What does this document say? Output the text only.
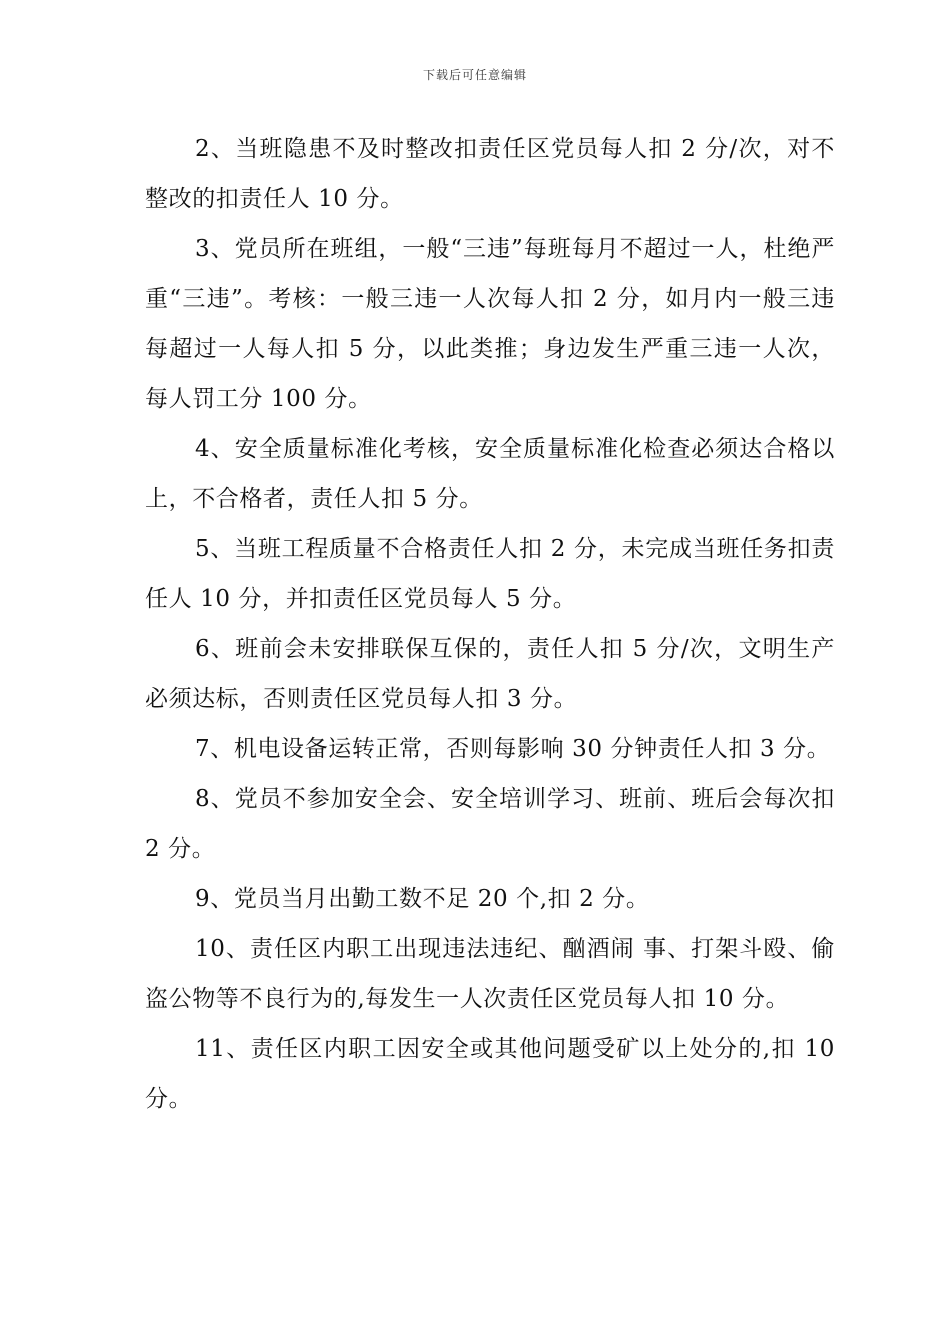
下载后可任意编辑

2、当班隐患不及时整改扣责任区党员每人扣 2 分/次，对不整改的扣责任人 10 分。

3、党员所在班组，一般“三违”每班每月不超过一人，杜绝严重“三违”。考核：一般三违一人次每人扣 2 分，如月内一般三违每超过一人每人扣 5 分，以此类推；身边发生严重三违一人次，每人罚工分 100 分。

4、安全质量标准化考核，安全质量标准化检查必须达合格以上，不合格者，责任人扣 5 分。

5、当班工程质量不合格责任人扣 2 分，未完成当班任务扣责任人 10 分，并扣责任区党员每人 5 分。

6、班前会未安排联保互保的，责任人扣 5 分/次，文明生产必须达标，否则责任区党员每人扣 3 分。

7、机电设备运转正常，否则每影响 30 分钟责任人扣 3 分。

8、党员不参加安全会、安全培训学习、班前、班后会每次扣 2 分。

9、党员当月出勤工数不足 20 个,扣 2 分。

10、责任区内职工出现违法违纪、酗酒闹 事、打架斗殴、偷盗公物等不良行为的,每发生一人次责任区党员每人扣 10 分。

11、责任区内职工因安全或其他问题受矿以上处分的,扣 10 分。
